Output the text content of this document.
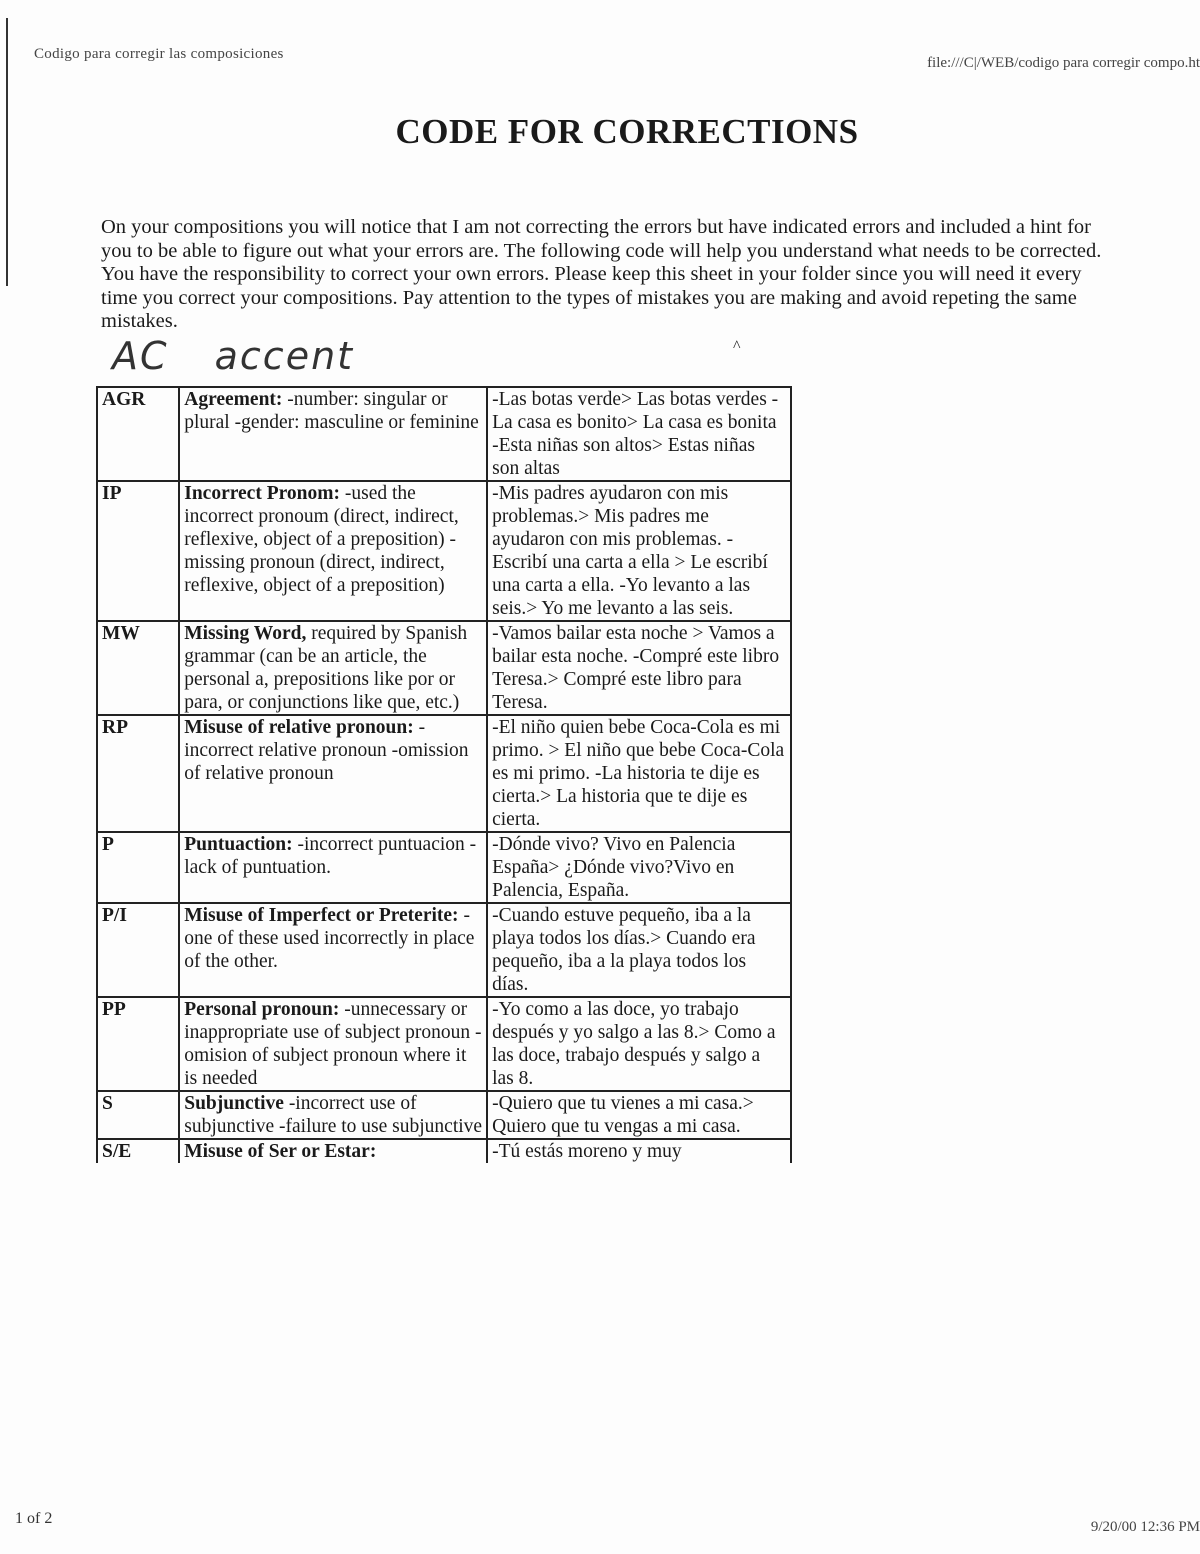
Codigo para corregir las composiciones
file:///C|/WEB/codigo para corregir compo.ht
CODE FOR CORRECTIONS
On your compositions you will notice that I am not correcting the errors but have indicated errors and included a hint for you to be able to figure out what your errors are. The following code will help you understand what needs to be corrected. You have the responsibility to correct your own errors. Please keep this sheet in your folder since you will need it every time you correct your compositions. Pay attention to the types of mistakes you are making and avoid repeting the same mistakes.
AC accent	^
AGR	Agreement: -number: singular or plural -gender: masculine or feminine	-Las botas verde> Las botas verdes -La casa es bonito> La casa es bonita -Esta niñas son altos> Estas niñas son altas
IP	Incorrect Pronom: -used the incorrect pronoum (direct, indirect, reflexive, object of a preposition) -missing pronoun (direct, indirect, reflexive, object of a preposition)	-Mis padres ayudaron con mis problemas.> Mis padres me ayudaron con mis problemas. -Escribí una carta a ella > Le escribí una carta a ella. -Yo levanto a las seis.> Yo me levanto a las seis.
MW	Missing Word, required by Spanish grammar (can be an article, the personal a, prepositions like por or para, or conjunctions like que, etc.)	-Vamos bailar esta noche > Vamos a bailar esta noche. -Compré este libro Teresa.> Compré este libro para Teresa.
RP	Misuse of relative pronoun: -incorrect relative pronoun -omission of relative pronoun	-El niño quien bebe Coca-Cola es mi primo. > El niño que bebe Coca-Cola es mi primo. -La historia te dije es cierta.> La historia que te dije es cierta.
P	Puntuaction: -incorrect puntuacion -lack of puntuation.	-Dónde vivo? Vivo en Palencia España> ¿Dónde vivo?Vivo en Palencia, España.
P/I	Misuse of Imperfect or Preterite: -one of these used incorrectly in place of the other.	-Cuando estuve pequeño, iba a la playa todos los días.> Cuando era pequeño, iba a la playa todos los días.
PP	Personal pronoun: -unnecessary or inappropriate use of subject pronoun -omision of subject pronoun where it is needed	-Yo como a las doce, yo trabajo después y yo salgo a las 8.> Como a las doce, trabajo después y salgo a las 8.
S	Subjunctive -incorrect use of subjunctive -failure to use subjunctive	-Quiero que tu vienes a mi casa.> Quiero que tu vengas a mi casa.
S/E	Misuse of Ser or Estar:	-Tú estás moreno y muy
1 of 2	9/20/00 12:36 PM
